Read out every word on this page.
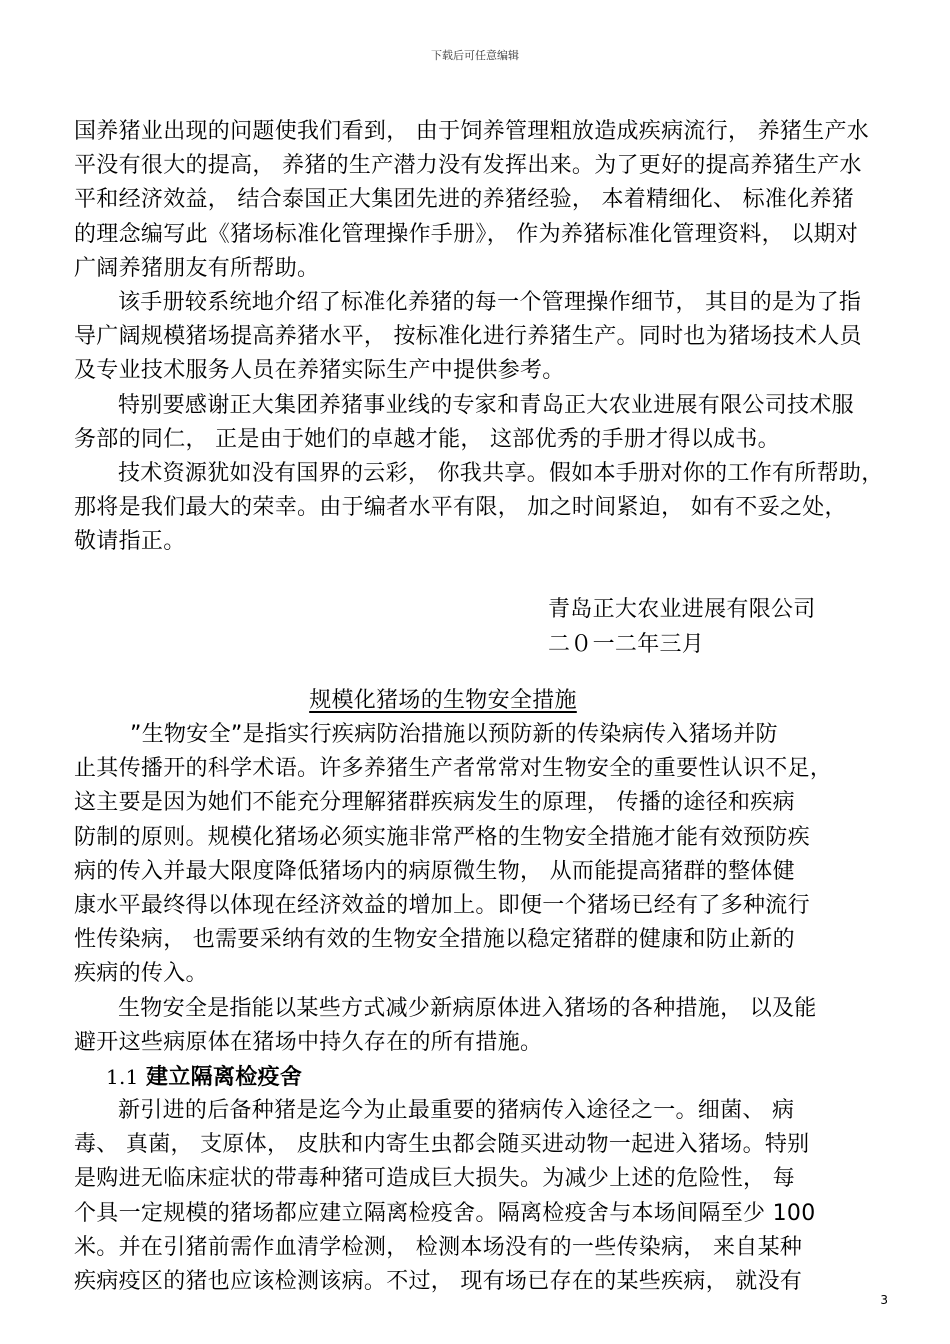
下载后可任意编辑
国养猪业出现的问题使我们看到， 由于饲养管理粗放造成疾病流行， 养猪生产水
平没有很大的提高， 养猪的生产潜力没有发挥出来。为了更好的提高养猪生产水
平和经济效益， 结合泰国正大集团先进的养猪经验， 本着精细化、 标准化养猪
的理念编写此《猪场标准化管理操作手册》， 作为养猪标准化管理资料， 以期对
广阔养猪朋友有所帮助。
该手册较系统地介绍了标准化养猪的每一个管理操作细节， 其目的是为了指
导广阔规模猪场提高养猪水平， 按标准化进行养猪生产。同时也为猪场技术人员
及专业技术服务人员在养猪实际生产中提供参考。
特别要感谢正大集团养猪事业线的专家和青岛正大农业进展有限公司技术服
务部的同仁， 正是由于她们的卓越才能， 这部优秀的手册才得以成书。
技术资源犹如没有国界的云彩， 你我共享。假如本手册对你的工作有所帮助，
那将是我们最大的荣幸。由于编者水平有限， 加之时间紧迫， 如有不妥之处，
敬请指正。
青岛正大农业进展有限公司
二０一二年三月
规模化猪场的生物安全措施
”生物安全”是指实行疾病防治措施以预防新的传染病传入猪场并防
止其传播开的科学术语。许多养猪生产者常常对生物安全的重要性认识不足，
这主要是因为她们不能充分理解猪群疾病发生的原理， 传播的途径和疾病
防制的原则。规模化猪场必须实施非常严格的生物安全措施才能有效预防疾
病的传入并最大限度降低猪场内的病原微生物， 从而能提高猪群的整体健
康水平最终得以体现在经济效益的增加上。即便一个猪场已经有了多种流行
性传染病， 也需要采纳有效的生物安全措施以稳定猪群的健康和防止新的
疾病的传入。
生物安全是指能以某些方式减少新病原体进入猪场的各种措施， 以及能
避开这些病原体在猪场中持久存在的所有措施。
1.1 建立隔离检疫舍
新引进的后备种猪是迄今为止最重要的猪病传入途径之一。细菌、 病
毒、 真菌， 支原体， 皮肤和内寄生虫都会随买进动物一起进入猪场。特别
是购进无临床症状的带毒种猪可造成巨大损失。为减少上述的危险性， 每
个具一定规模的猪场都应建立隔离检疫舍。隔离检疫舍与本场间隔至少 100
米。并在引猪前需作血清学检测， 检测本场没有的一些传染病， 来自某种
疾病疫区的猪也应该检测该病。不过， 现有场已存在的某些疾病， 就没有
3
